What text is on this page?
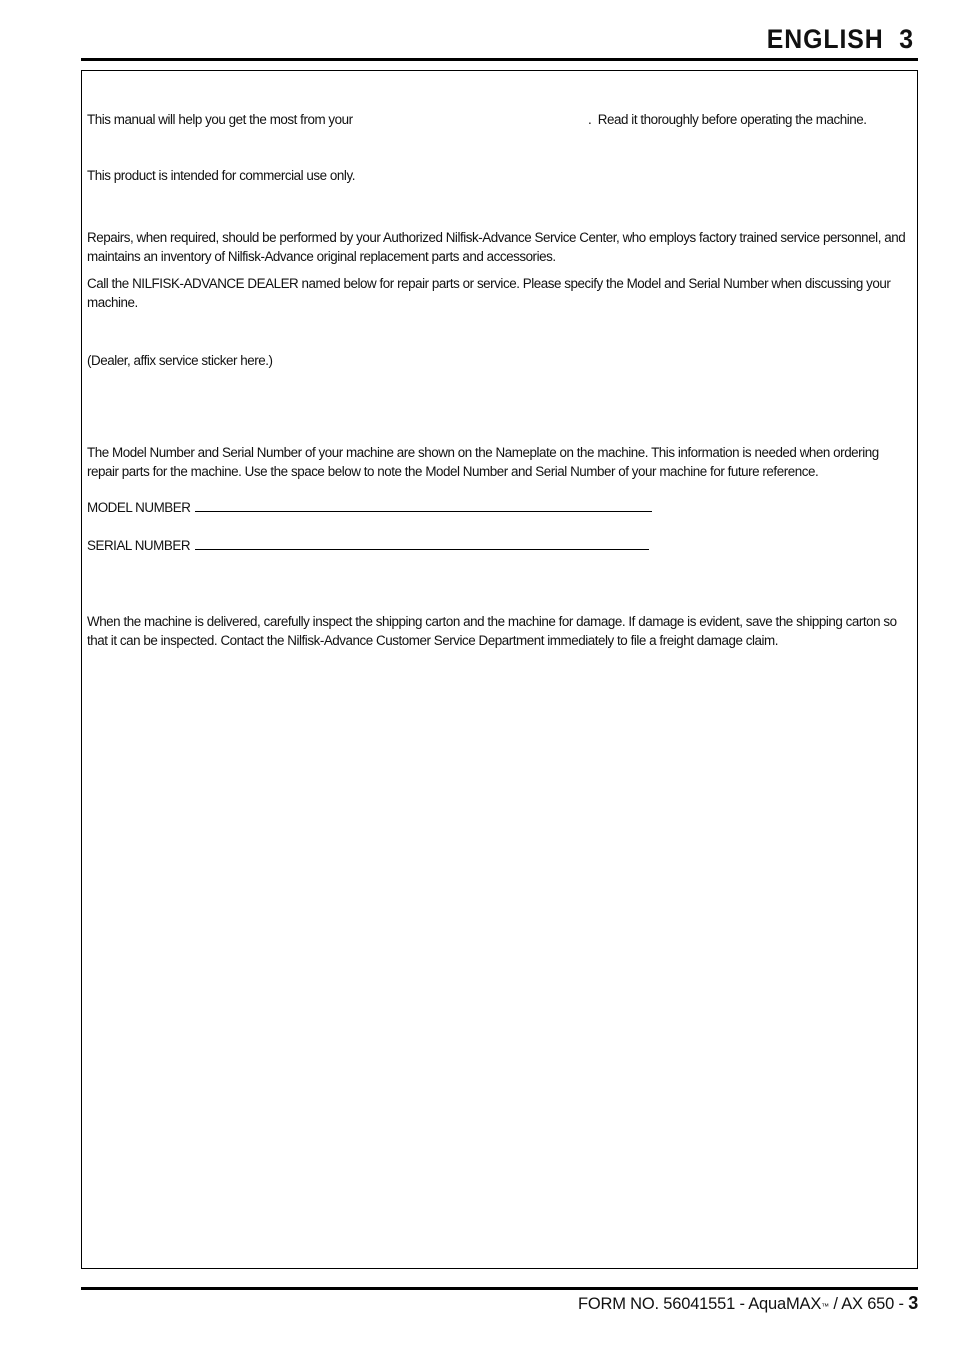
ENGLISH  3
This manual will help you get the most from your	.  Read it thoroughly before operating the machine.

This product is intended for commercial use only.

Repairs, when required, should be performed by your Authorized Nilfisk-Advance Service Center, who employs factory trained service personnel, and maintains an inventory of Nilfisk-Advance original replacement parts and accessories.

Call the NILFISK-ADVANCE DEALER named below for repair parts or service. Please specify the Model and Serial Number when discussing your machine.

(Dealer, affix service sticker here.)

The Model Number and Serial Number of your machine are shown on the Nameplate on the machine. This information is needed when ordering repair parts for the machine. Use the space below to note the Model Number and Serial Number of your machine for future reference.

MODEL NUMBER
SERIAL NUMBER

When the machine is delivered, carefully inspect the shipping carton and the machine for damage. If damage is evident, save the shipping carton so that it can be inspected. Contact the Nilfisk-Advance Customer Service Department immediately to file a freight damage claim.

FORM NO. 56041551 - AquaMAX ™ / AX 650 - 3
